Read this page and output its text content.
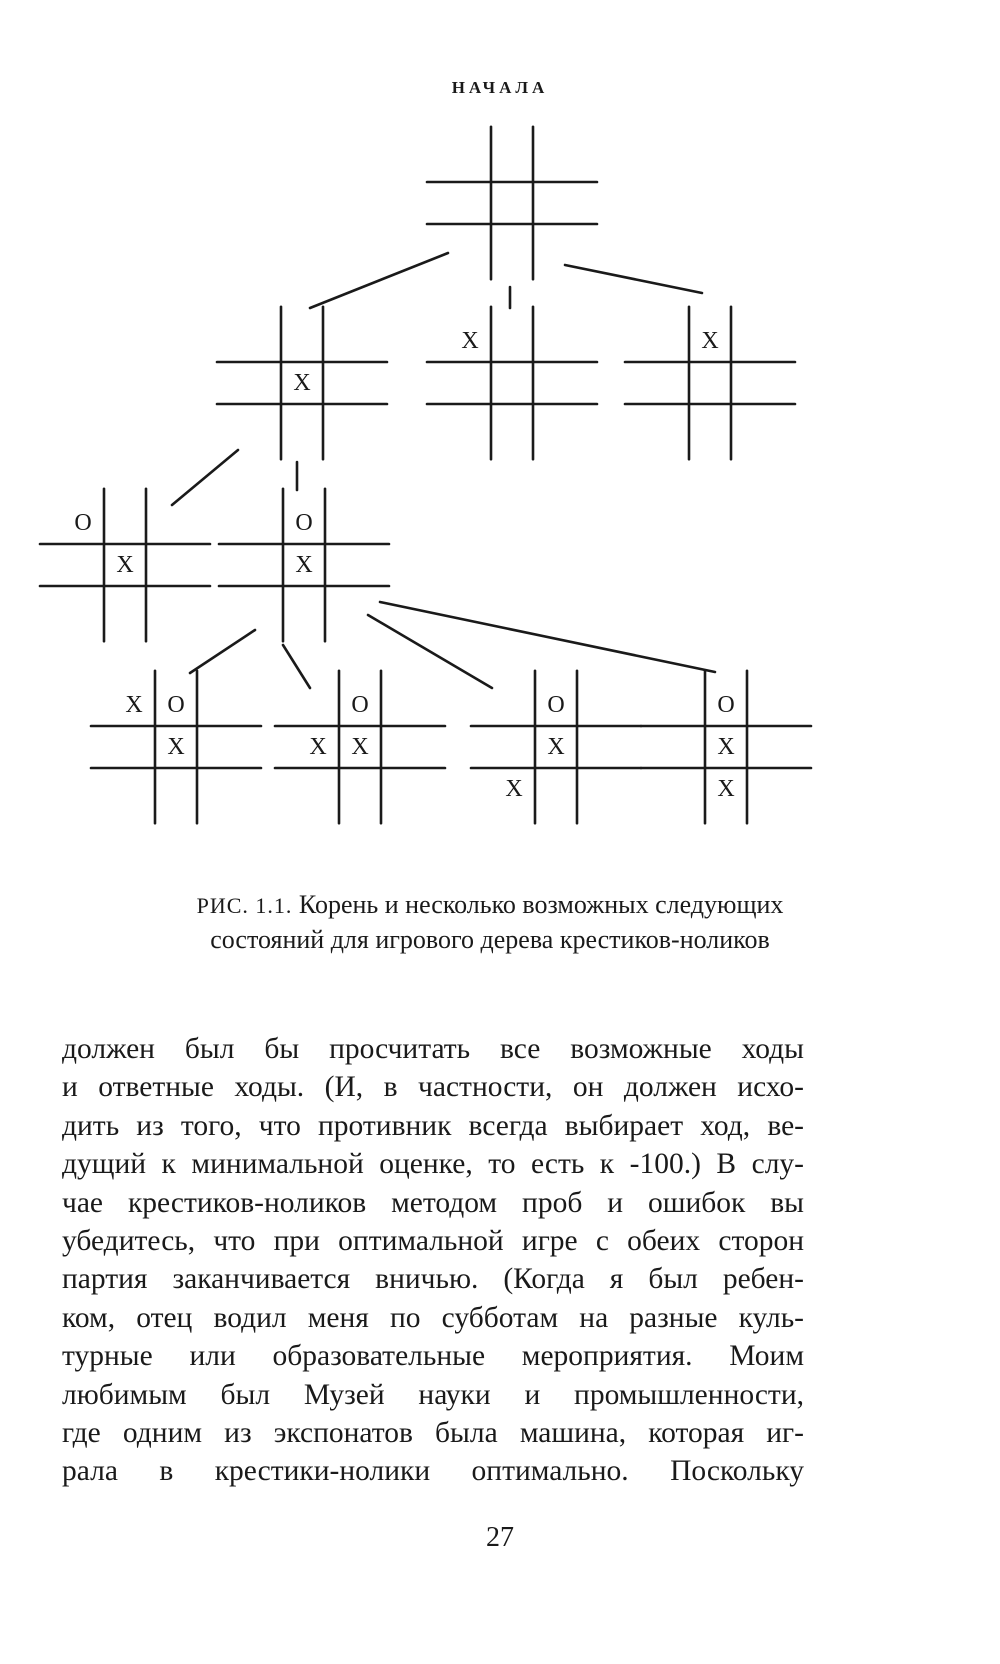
НАЧАЛА
X
X	X
O
X
O
X
X O
X
O
X X
O
X
X
O
X
X
РИС. 1.1. Корень и несколько возможных следующих
состояний для игрового дерева крестиков-ноликов
должен был бы просчитать все возможные ходы
и ответные ходы. (И, в частности, он должен исхо-
дить из того, что противник всегда выбирает ход, ве-
дущий к минимальной оценке, то есть к -100.) В слу-
чае крестиков-ноликов методом проб и ошибок вы
убедитесь, что при оптимальной игре с обеих сторон
партия заканчивается вничью. (Когда я был ребен-
ком, отец водил меня по субботам на разные куль-
турные или образовательные мероприятия. Моим
любимым был Музей науки и промышленности,
где одним из экспонатов была машина, которая иг-
рала в крестики-нолики оптимально. Поскольку
27
